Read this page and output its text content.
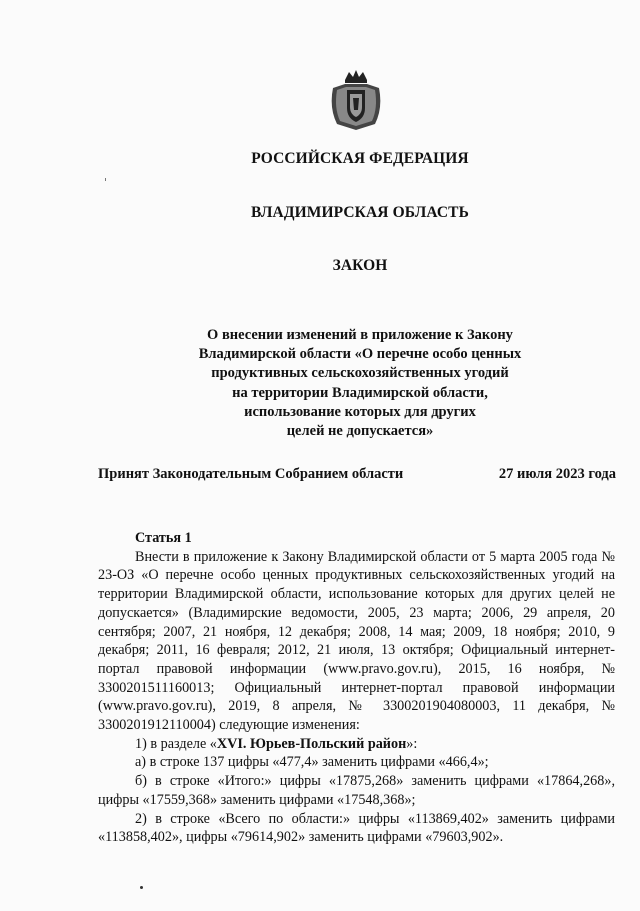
РОССИЙСКАЯ ФЕДЕРАЦИЯ
ВЛАДИМИРСКАЯ ОБЛАСТЬ
ЗАКОН
О внесении изменений в приложение к Закону
Владимирской области «О перечне особо ценных
продуктивных сельскохозяйственных угодий
на территории Владимирской области,
использование которых для других
целей не допускается»
Принят Законодательным Собранием области	27 июля 2023 года

Статья 1

Внести в приложение к Закону Владимирской области от 5 марта 2005 года № 23-ОЗ «О перечне особо ценных продуктивных сельскохозяйственных угодий на территории Владимирской области, использование которых для других целей не допускается» (Владимирские ведомости, 2005, 23 марта; 2006, 29 апреля, 20 сентября; 2007, 21 ноября, 12 декабря; 2008, 14 мая; 2009, 18 ноября; 2010, 9 декабря; 2011, 16 февраля; 2012, 21 июля, 13 октября; Официальный интернет-портал правовой информации (www.pravo.gov.ru), 2015, 16 ноября, № 3300201511160013; Официальный интернет-портал правовой информации (www.pravo.gov.ru), 2019, 8 апреля, № 3300201904080003, 11 декабря, № 3300201912110004) следующие изменения:

1) в разделе «XVI. Юрьев-Польский район»:

а) в строке 137 цифры «477,4» заменить цифрами «466,4»;

б) в строке «Итого:» цифры «17875,268» заменить цифрами «17864,268», цифры «17559,368» заменить цифрами «17548,368»;

2) в строке «Всего по области:» цифры «113869,402» заменить цифрами «113858,402», цифры «79614,902» заменить цифрами «79603,902».
